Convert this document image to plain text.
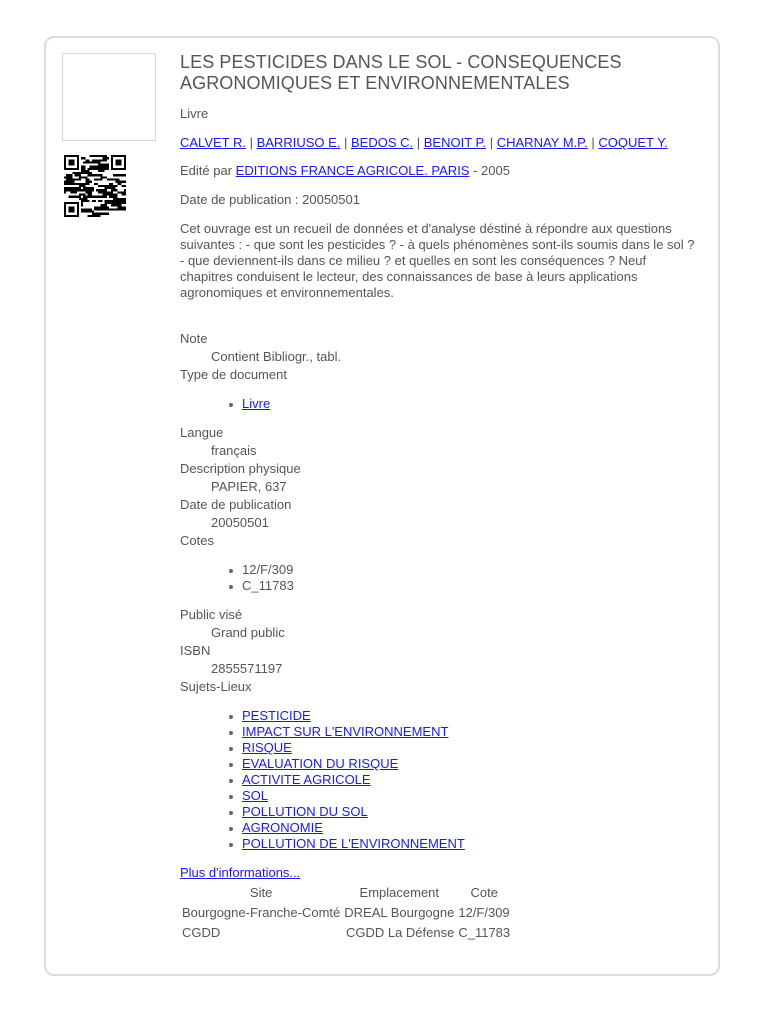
LES PESTICIDES DANS LE SOL - CONSEQUENCES AGRONOMIQUES ET ENVIRONNEMENTALES
Livre
CALVET R. | BARRIUSO E. | BEDOS C. | BENOIT P. | CHARNAY M.P. | COQUET Y.
Edité par EDITIONS FRANCE AGRICOLE. PARIS - 2005
Date de publication : 20050501
Cet ouvrage est un recueil de données et d'analyse déstiné à répondre aux questions suivantes : - que sont les pesticides ? - à quels phénomènes sont-ils soumis dans le sol ? - que deviennent-ils dans ce milieu ? et quelles en sont les conséquences ? Neuf chapitres conduisent le lecteur, des connaissances de base à leurs applications agronomiques et environnementales.
Note
Contient Bibliogr., tabl.
Type de document
Livre
Langue
français
Description physique
PAPIER, 637
Date de publication
20050501
Cotes
12/F/309
C_11783
Public visé
Grand public
ISBN
2855571197
Sujets-Lieux
PESTICIDE
IMPACT SUR L'ENVIRONNEMENT
RISQUE
EVALUATION DU RISQUE
ACTIVITE AGRICOLE
SOL
POLLUTION DU SOL
AGRONOMIE
POLLUTION DE L'ENVIRONNEMENT
Plus d'informations...
Site	Emplacement	Cote
Bourgogne-Franche-Comté	DREAL Bourgogne	12/F/309
CGDD	CGDD La Défense	C_11783
